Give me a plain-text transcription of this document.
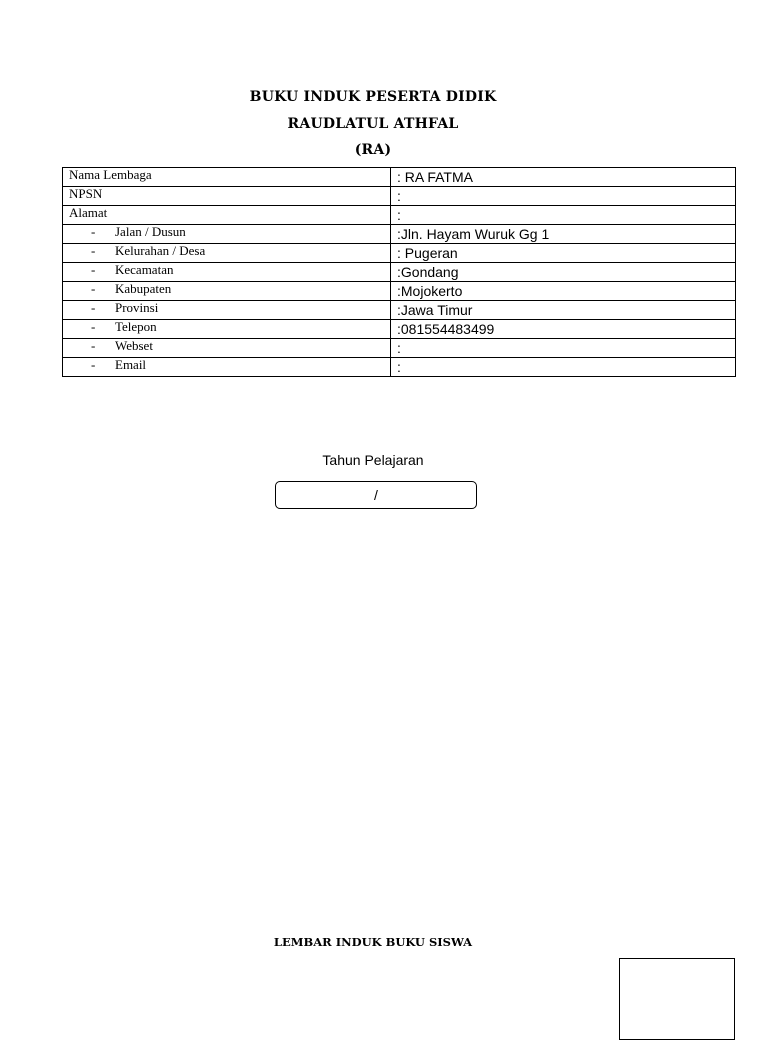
BUKU INDUK PESERTA DIDIK
RAUDLATUL ATHFAL
(RA)
Nama Lembaga	: RA FATMA
NPSN	:
Alamat	:
- Jalan / Dusun	:Jln. Hayam Wuruk Gg 1
- Kelurahan / Desa	: Pugeran
- Kecamatan	:Gondang
- Kabupaten	:Mojokerto
- Provinsi	:Jawa Timur
- Telepon	:081554483499
- Webset	:
- Email	:
Tahun Pelajaran
/
LEMBAR INDUK BUKU SISWA
